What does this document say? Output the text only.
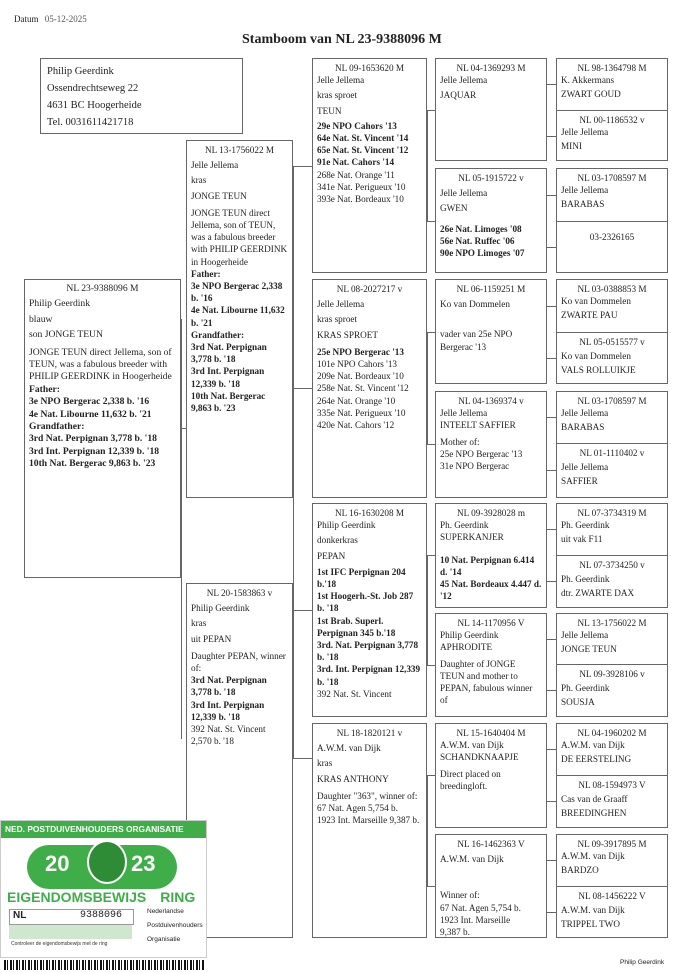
Datum 05-12-2025
Stamboom van NL 23-9388096 M
Philip Geerdink
Ossendrechtseweg 22
4631 BC Hoogerheide
Tel. 0031611421718
NL 23-9388096 M
Philip Geerdink
blauw
son JONGE TEUN
JONGE TEUN direct Jellema, son of TEUN, was a fabulous breeder with PHILIP GEERDINK in Hoogerheide
Father:
3e NPO Bergerac 2,338 b. '16
4e Nat. Libourne 11,632 b. '21
Grandfather:
3rd Nat. Perpignan 3,778 b. '18
3rd Int. Perpignan 12,339 b. '18
10th Nat. Bergerac 9,863 b. '23
NL 13-1756022 M
Jelle Jellema
kras
JONGE TEUN
JONGE TEUN direct Jellema, son of TEUN, was a fabulous breeder with PHILIP GEERDINK in Hoogerheide
Father:
3e NPO Bergerac 2,338 b. '16
4e Nat. Libourne 11,632 b. '21
Grandfather:
3rd Nat. Perpignan 3,778 b. '18
3rd Int. Perpignan 12,339 b. '18
10th Nat. Bergerac 9,863 b. '23
NL 20-1583863 v
Philip Geerdink
kras
uit PEPAN
Daughter PEPAN, winner of:
3rd Nat. Perpignan 3,778 b. '18
3rd Int. Perpignan 12,339 b. '18
392 Nat. St. Vincent 2,570 b. '18
NL 09-1653620 M
Jelle Jellema
kras sproet
TEUN
29e NPO Cahors '13
64e Nat. St. Vincent '14
65e Nat. St. Vincent '12
91e Nat. Cahors '14
268e Nat. Orange '11
341e Nat. Perigueux '10
393e Nat. Bordeaux '10
NL 08-2027217 v
Jelle Jellema
kras sproet
KRAS SPROET
25e NPO Bergerac '13
101e NPO Cahors '13
209e Nat. Bordeaux '10
258e Nat. St. Vincent '12
264e Nat. Orange '10
335e Nat. Perigueux '10
420e Nat. Cahors '12
NL 16-1630208 M
Philip Geerdink
donkerkras
PEPAN
1st IFC Perpignan 204 b.'18
1st Hoogerh.-St. Job 287 b. '18
1st Brab. Superl. Perpignan 345 b.'18
3rd. Nat. Perpignan 3,778 b. '18
3rd. Int. Perpignan 12,339 b. '18
392 Nat. St. Vincent
NL 18-1820121 v
A.W.M. van Dijk
kras
KRAS ANTHONY
Daughter "363", winner of:
67 Nat. Agen 5,754 b.
1923 Int. Marseille 9,387 b.
NL 04-1369293 M
Jelle Jellema
JAQUAR
NL 05-1915722 v
Jelle Jellema
GWEN
26e Nat. Limoges '08
56e Nat. Ruffec '06
90e NPO Limoges '07
NL 06-1159251 M
Ko van Dommelen
vader van 25e NPO Bergerac '13
NL 04-1369374 v
Jelle Jellema
INTEELT SAFFIER
Mother of:
25e NPO Bergerac '13
31e NPO Bergerac
NL 09-3928028 m
Ph. Geerdink
SUPERKANJER
10 Nat. Perpignan 6.414 d. '14
45 Nat. Bordeaux 4.447 d. '12
NL 14-1170956 V
Philip Geerdink
APHRODITE
Daughter of JONGE TEUN and mother to PEPAN, fabulous winner of
NL 15-1640404 M
A.W.M. van Dijk
SCHANDKNAAPJE
Direct placed on breedingloft.
NL 16-1462363 V
A.W.M. van Dijk
Winner of:
67 Nat. Agen 5,754 b.
1923 Int. Marseille
9,387 b.
NL 98-1364798 M
K. Akkermans
ZWART GOUD
NL 00-1186532 v
Jelle Jellema
MINI
NL 03-1708597 M
Jelle Jellema
BARABAS
03-2326165
NL 03-0388853 M
Ko van Dommelen
ZWARTE PAU
NL 05-0515577 v
Ko van Dommelen
VALS ROLLUIKJE
NL 03-1708597 M
Jelle Jellema
BARABAS
NL 01-1110402 v
Jelle Jellema
SAFFIER
NL 07-3734319 M
Ph. Geerdink
uit vak F11
NL 07-3734250 v
Ph. Geerdink
dtr. ZWARTE DAX
NL 13-1756022 M
Jelle Jellema
JONGE TEUN
NL 09-3928106 v
Ph. Geerdink
SOUSJA
NL 04-1960202 M
A.W.M. van Dijk
DE EERSTELING
NL 08-1594973 V
Cas van de Graaff
BREEDINGHEN
NL 09-3917895 M
A.W.M. van Dijk
BARDZO
NL 08-1456222 V
A.W.M. van Dijk
TRIPPEL TWO
NED. POSTDUIVENHOUDERS ORGANISATIE
20	23
EIGENDOMSBEWIJS RING
NL	9388096	Nederlandse
Postduivenhouders
Organisatie
Controleer de eigendomsbewijs met de ring
Philip Geerdink
